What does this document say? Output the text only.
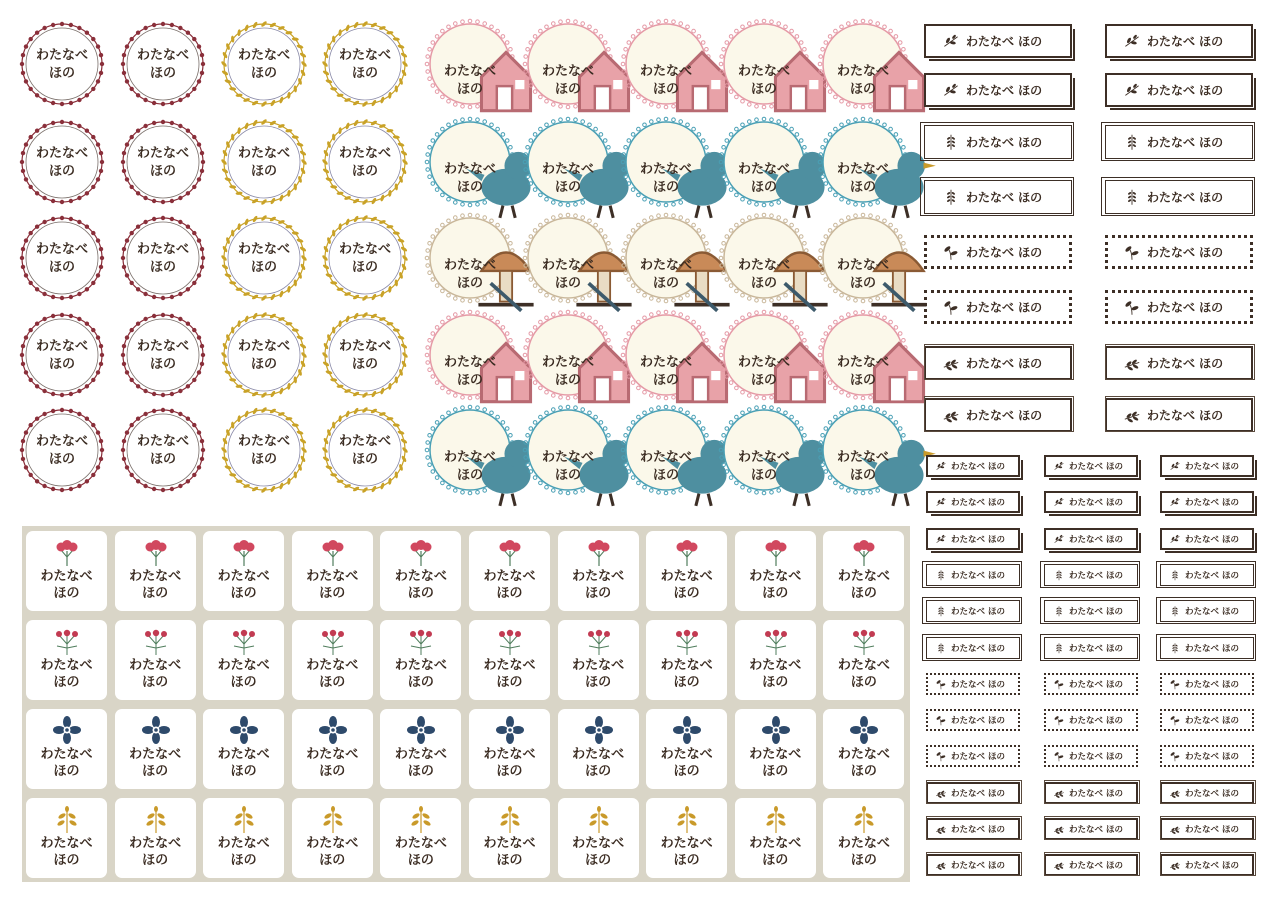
わたなべ
ほの
わたなべ
ほの
わたなべ
ほの
わたなべ
ほの	わたなべ
ほの
わたなべ
ほの
わたなべ
ほの
わたなべ
ほの
わたなべ
ほの
わたなべ
ほの
わたなべ
ほの
わたなべ
ほの
わたなべ
ほの	わたなべ
ほの
わたなべ
ほの
わたなべ
ほの
わたなべ
ほの
わたなべ
ほの
わたなべ
ほの
わたなべ
ほの
わたなべ
ほの
わたなべ
ほの	わたなべ
ほの
わたなべ
ほの
わたなべ
ほの
わたなべ
ほの
わたなべ
ほの
わたなべ
ほの
わたなべ
ほの
わたなべ
ほの
わたなべ
ほの	わたなべ
ほの
わたなべ
ほの
わたなべ
ほの
わたなべ
ほの
わたなべ
ほの
わたなべ
ほの
わたなべ
ほの
わたなべ
ほの
わたなべ
ほの	わたなべ
ほの
わたなべ
ほの
わたなべ
ほの
わたなべ
ほの
わたなべ
ほの
わたなべ
ほの
わたなべ
ほの
わたなべ
ほの
わたなべ
ほの
わたなべ
ほの
わたなべ
ほの
わたなべ
ほの
わたなべ
ほの
わたなべ
ほの
わたなべ
ほの
わたなべ
ほの
わたなべ
ほの
わたなべ
ほの
わたなべ
ほの
わたなべ
ほの
わたなべ
ほの
わたなべ
ほの
わたなべ
ほの
わたなべ
ほの
わたなべ
ほの
わたなべ
ほの
わたなべ
ほの
わたなべ
ほの
わたなべ
ほの
わたなべ
ほの
わたなべ
ほの
わたなべ
ほの
わたなべ
ほの
わたなべ
ほの
わたなべ
ほの
わたなべ
ほの
わたなべ
ほの
わたなべ
ほの
わたなべ
ほの
わたなべ
ほの
わたなべ
ほの
わたなべ
ほの
わたなべ
ほの
わたなべ
ほの
わたなべ
ほの
わたなべ ほの	わたなべ ほの
わたなべ ほの	わたなべ ほの
わたなべ ほの	わたなべ ほの
わたなべ ほの	わたなべ ほの
わたなべ ほの	わたなべ ほの
わたなべ ほの	わたなべ ほの
わたなべ ほの	わたなべ ほの
わたなべ ほの	わたなべ ほの
わたなべ ほの	わたなべ ほの	わたなべ ほの
わたなべ ほの	わたなべ ほの	わたなべ ほの
わたなべ ほの	わたなべ ほの	わたなべ ほの
わたなべ ほの	わたなべ ほの	わたなべ ほの
わたなべ ほの	わたなべ ほの	わたなべ ほの
わたなべ ほの	わたなべ ほの	わたなべ ほの
わたなべ ほの	わたなべ ほの	わたなべ ほの
わたなべ ほの	わたなべ ほの	わたなべ ほの
わたなべ ほの	わたなべ ほの	わたなべ ほの
わたなべ ほの	わたなべ ほの	わたなべ ほの
わたなべ ほの	わたなべ ほの	わたなべ ほの
わたなべ ほの	わたなべ ほの	わたなべ ほの
